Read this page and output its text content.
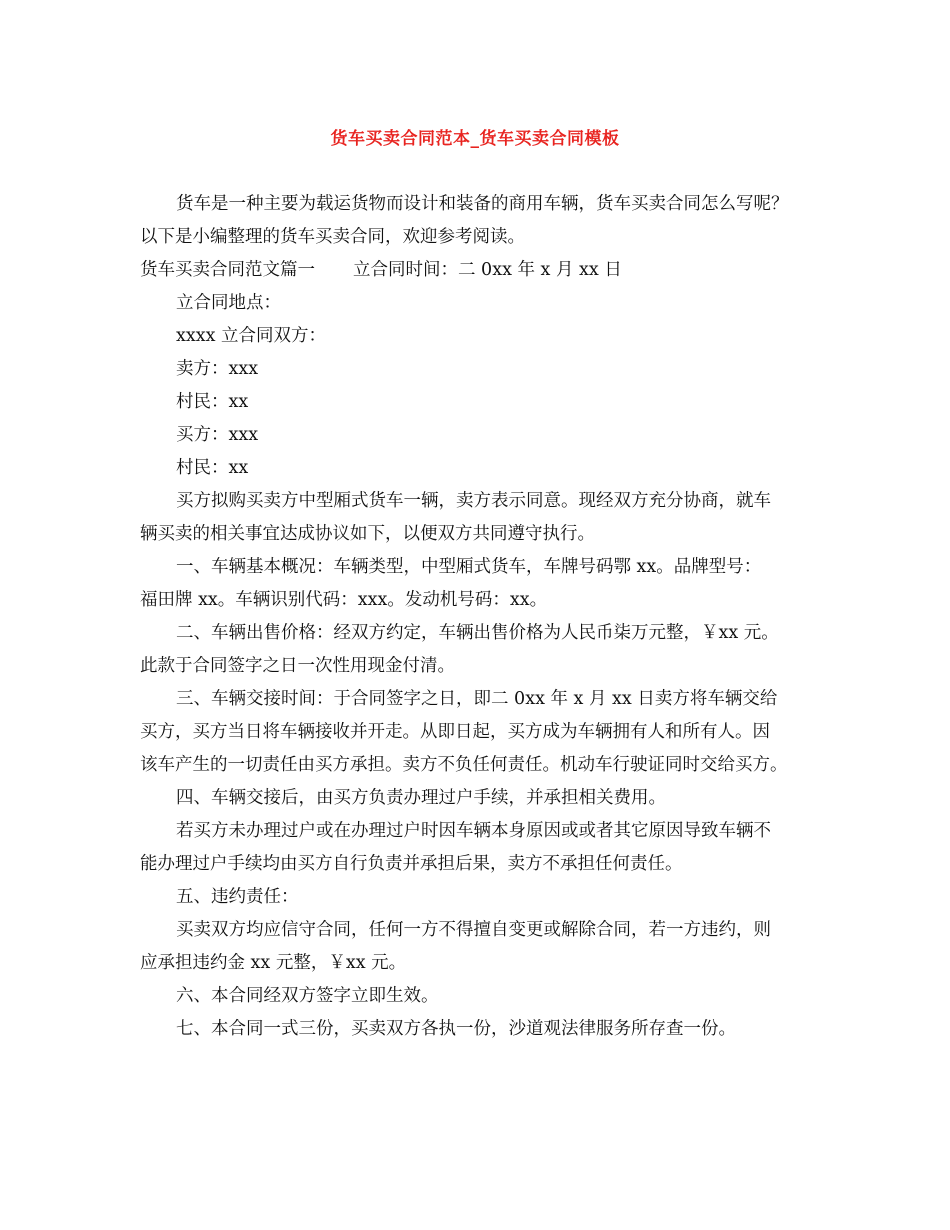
货车买卖合同范本_货车买卖合同模板
货车是一种主要为载运货物而设计和装备的商用车辆，货车买卖合同怎么写呢？
以下是小编整理的货车买卖合同，欢迎参考阅读。
货车买卖合同范文篇一 立合同时间：二 0xx 年 x 月 xx 日
立合同地点：
xxxx 立合同双方：
卖方：xxx
村民：xx
买方：xxx
村民：xx
买方拟购买卖方中型厢式货车一辆，卖方表示同意。现经双方充分协商，就车
辆买卖的相关事宜达成协议如下，以便双方共同遵守执行。
一、车辆基本概况：车辆类型，中型厢式货车，车牌号码鄂 xx。品牌型号：
福田牌 xx。车辆识别代码：xxx。发动机号码：xx。
二、车辆出售价格：经双方约定，车辆出售价格为人民币柒万元整，￥xx 元。
此款于合同签字之日一次性用现金付清。
三、车辆交接时间：于合同签字之日，即二 0xx 年 x 月 xx 日卖方将车辆交给
买方，买方当日将车辆接收并开走。从即日起，买方成为车辆拥有人和所有人。因
该车产生的一切责任由买方承担。卖方不负任何责任。机动车行驶证同时交给买方。
四、车辆交接后，由买方负责办理过户手续，并承担相关费用。
若买方未办理过户或在办理过户时因车辆本身原因或或者其它原因导致车辆不
能办理过户手续均由买方自行负责并承担后果，卖方不承担任何责任。
五、违约责任：
买卖双方均应信守合同，任何一方不得擅自变更或解除合同，若一方违约，则
应承担违约金 xx 元整，￥xx 元。
六、本合同经双方签字立即生效。
七、本合同一式三份，买卖双方各执一份，沙道观法律服务所存查一份。
